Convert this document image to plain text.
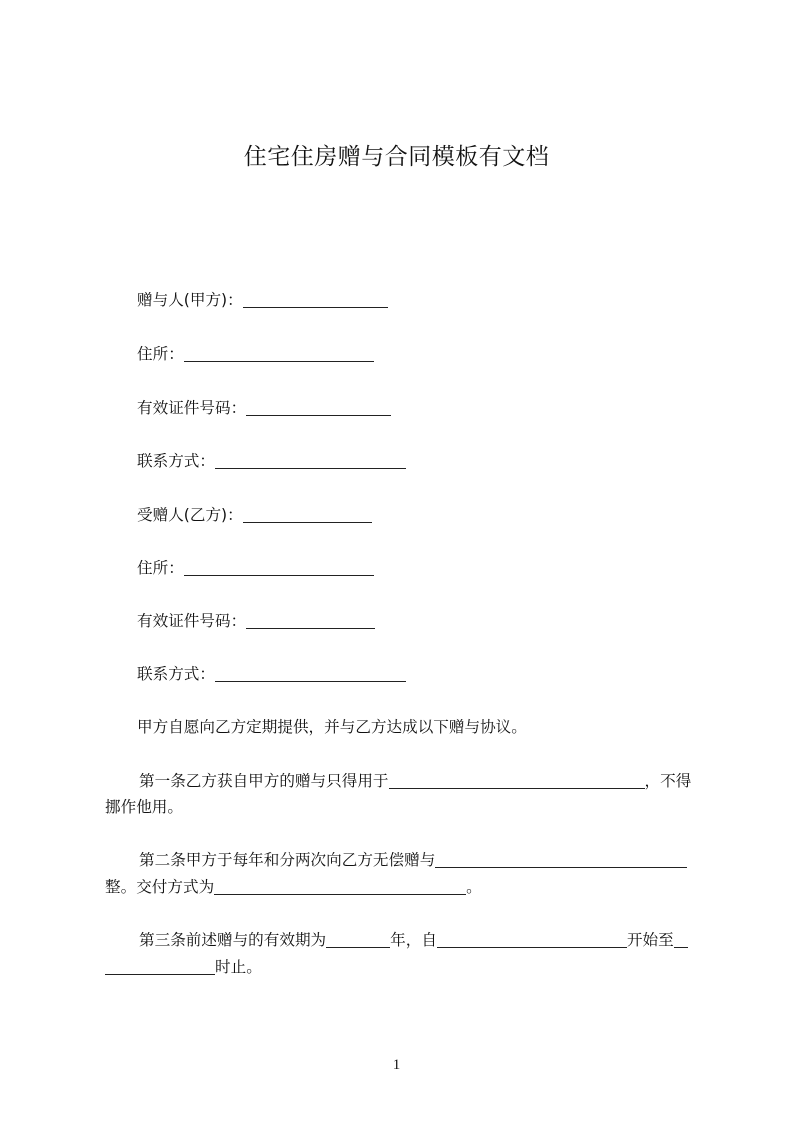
住宅住房赠与合同模板有文档
赠与人(甲方)：
住所：
有效证件号码：
联系方式：
受赠人(乙方)：
住所：
有效证件号码：
联系方式：
甲方自愿向乙方定期提供，并与乙方达成以下赠与协议。
第一条乙方获自甲方的赠与只得用于	，不得
挪作他用。
第二条甲方于每年和分两次向乙方无偿赠与
整。交付方式为	。
第三条前述赠与的有效期为	年，自	开始至
时止。
1
